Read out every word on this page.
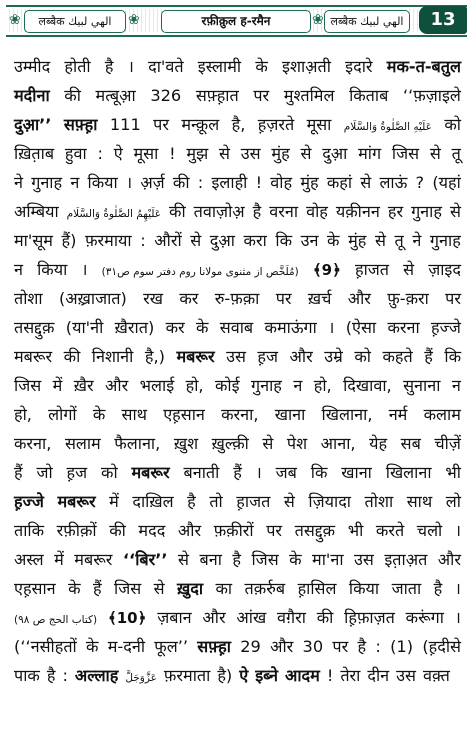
❀	लब्बैक الهي لبيك	❀	रफ़ीक़ुल ह-रमैन	❀ लब्बैक الهي لبيك	13
उम्मीद होती है । दा'वते इस्लामी के इशाअ़ती इदारे मक-त-बतुल
मदीना की मत्बूआ़ 326 सफ़्ह़ात पर मुश्तमिल किताब ‘‘फ़ज़ाइले
दुआ़’’ सफ़्ह़ा 111 पर मन्क़ूल है, ह़ज़रते मूसा عَلَيْهِ الصَّلٰوةُ وَالسَّلَام को
ख़ित़ाब हुवा : ऐ मूसा ! मुझ से उस मुंह से दुआ़ मांग जिस से तू
ने गुनाह न किया । अ़र्ज़ की : इलाही ! वोह मुंह कहां से लाऊं ? (यहां
अम्बिया عَلَيْهِمُ الصَّلٰوةُ وَالسَّلَام की तवाज़ोअ़ है वरना वोह यक़ीनन हर गुनाह से
मा'सूम हैं) फ़रमाया : औरों से दुआ़ करा कि उन के मुंह से तू ने गुनाह
न किया । (مُلَخَّص از مثنوی مولانا روم دفتر سوم ص۳۱) ﴾9﴿ ह़ाजत से ज़ाइद
तोशा (अख़्राजात) रख कर रु-फ़क़ा पर ख़र्च और फ़ु-क़रा पर
तसद्दुक़ (या'नी ख़ैरात) कर के सवाब कमाऊंगा । (ऐसा करना ह़ज्जे
मबरूर की निशानी है,) मबरूर उस ह़ज और उम्रे को कहते हैं कि
जिस में ख़ैर और भलाई हो, कोई गुनाह न हो, दिखावा, सुनाना न
हो, लोगों के साथ एह़सान करना, खाना खिलाना, नर्म कलाम
करना, सलाम फैलाना, ख़ुश ख़ुल्क़ी से पेश आना, येह सब चीज़ें
हैं जो ह़ज को मबरूर बनाती हैं । जब कि खाना खिलाना भी
ह़ज्जे मबरूर में दाख़िल है तो ह़ाजत से ज़ियादा तोशा साथ लो
ताकि रफ़ीक़ों की मदद और फ़क़ीरों पर तसद्दुक़ भी करते चलो ।
अस्ल में मबरूर ‘‘बिर’’ से बना है जिस के मा'ना उस इत़ाअ़त और
एह़सान के हैं जिस से ख़ुदा का तक़र्रुब ह़ासिल किया जाता है ।
(کتاب الحج ص ۹۸) ﴾10﴿ ज़बान और आंख वग़ैरा की ह़िफ़ाज़त करूंगा ।
(‘‘नसीहतों के म-दनी फूल’’ सफ़्ह़ा 29 और 30 पर है : (1) (ह़दीसे
पाक है : अल्लाह عَزَّوَجَلَّ फ़रमाता है) ऐ इब्ने आदम ! तेरा दीन उस वक़्त
